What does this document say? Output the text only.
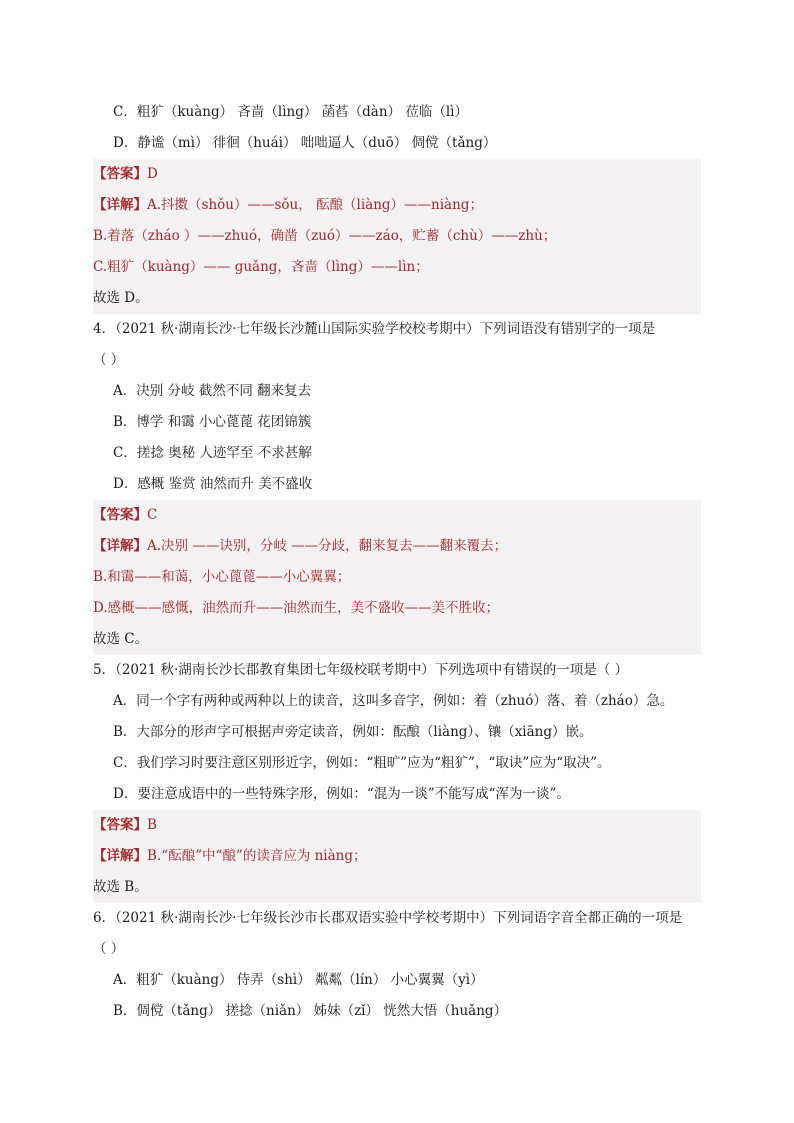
C．粗犷（kuàng） 吝啬（lìng） 菡萏（dàn） 莅临（lì）
D．静谧（mì） 徘徊（huái） 咄咄逼人（duō） 倜傥（tǎng）
【答案】D
【详解】A.抖擞（shǒu）——sǒu， 酝酿（liàng）——niàng；
B.着落（zháo ）——zhuó，确凿（zuó）——záo，贮蓄（chù）——zhù；
C.粗犷（kuàng）—— guǎng，吝啬（lìng）——lìn；
故选 D。
4．（2021 秋·湖南长沙·七年级长沙麓山国际实验学校校考期中）下列词语没有错别字的一项是
（ ）
A．决别 分岐 截然不同 翻来复去
B．博学 和霭 小心蓖蓖 花团锦簇
C．搓捻 奥秘 人迹罕至 不求甚解
D．感概 鉴赏 油然而升 美不盛收
【答案】C
【详解】A.决别 ——诀别，分岐 ——分歧，翻来复去——翻来覆去；
B.和霭——和蔼，小心蓖蓖——小心翼翼；
D.感概——感慨，油然而升——油然而生，美不盛收——美不胜收；
故选 C。
5．（2021 秋·湖南长沙长郡教育集团七年级校联考期中）下列选项中有错误的一项是（ ）
A．同一个字有两种或两种以上的读音，这叫多音字，例如：着（zhuó）落、着（zháo）急。
B．大部分的形声字可根据声旁定读音，例如：酝酿（liàng）、镶（xiāng）嵌。
C．我们学习时要注意区别形近字，例如：“粗旷”应为“粗犷”，“取诀”应为“取决”。
D．要注意成语中的一些特殊字形，例如：“混为一谈”不能写成“浑为一谈”。
【答案】B
【详解】B.“酝酿”中“酿”的读音应为 niàng；
故选 B。
6．（2021 秋·湖南长沙·七年级长沙市长郡双语实验中学校考期中）下列词语字音全都正确的一项是
（ ）
A．粗犷（kuàng） 侍弄（shì） 粼粼（lín） 小心翼翼（yì）
B．倜傥（tǎng） 搓捻（niǎn） 姊妹（zǐ） 恍然大悟（huǎng）
